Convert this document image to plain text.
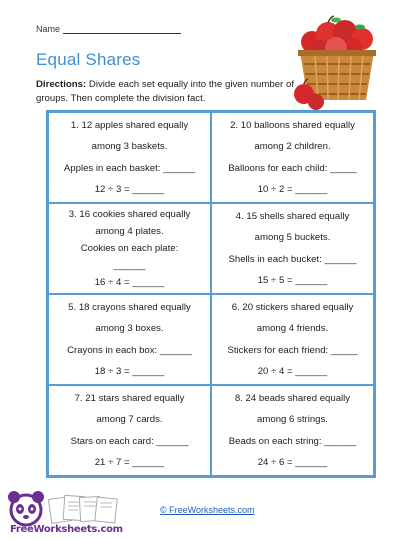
Name
Equal Shares
Directions: Divide each set equally into the given number of groups. Then complete the division fact.
1. 12 apples shared equally
among 3 baskets.
Apples in each basket: ______
12 ÷ 3 = ______
2. 10 balloons shared equally
among 2 children.
Balloons for each child: _____
10 ÷ 2 = ______
3. 16 cookies shared equally
among 4 plates.
Cookies on each plate:
______
16 ÷ 4 = ______
4. 15 shells shared equally
among 5 buckets.
Shells in each bucket: ______
15 ÷ 5 = ______
5. 18 crayons shared equally
among 3 boxes.
Crayons in each box: ______
18 ÷ 3 = ______
6. 20 stickers shared equally
among 4 friends.
Stickers for each friend: _____
20 ÷ 4 = ______
7. 21 stars shared equally
among 7 cards.
Stars on each card: ______
21 ÷ 7 = ______
8. 24 beads shared equally
among 6 strings.
Beads on each string: ______
24 ÷ 6 = ______
© FreeWorksheets.com
FreeWorksheets.com
